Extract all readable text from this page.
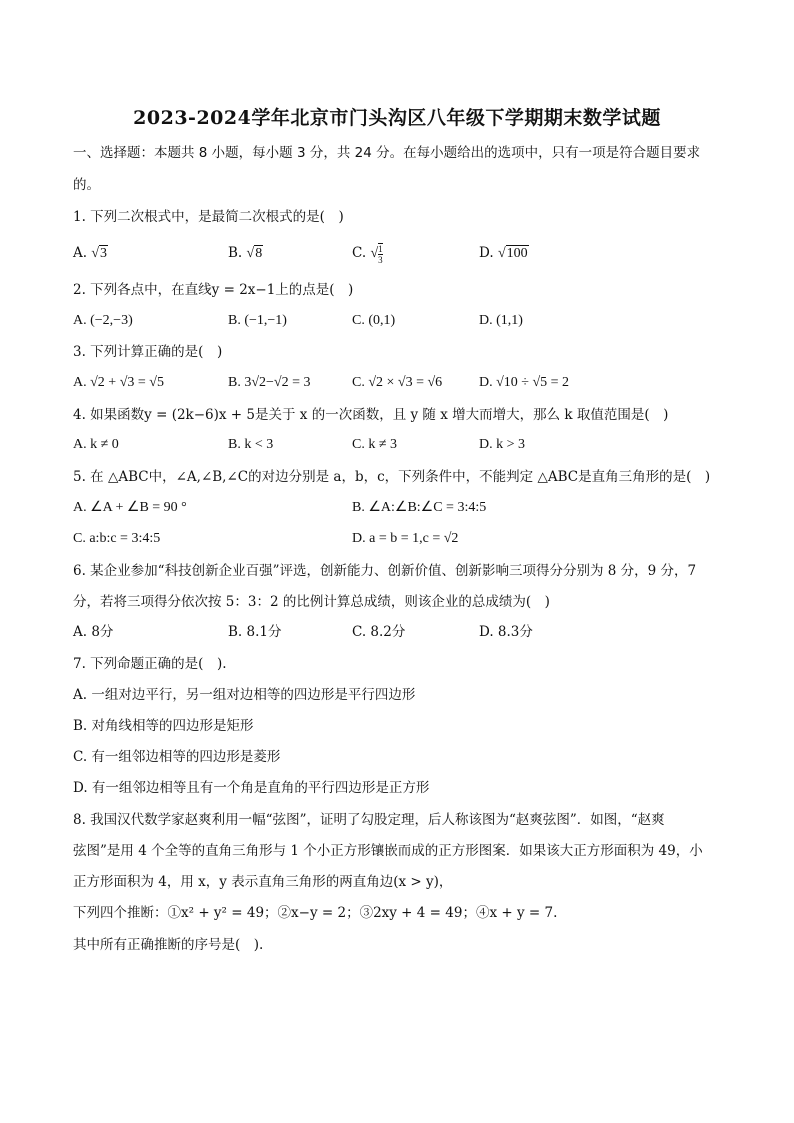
2023-2024学年北京市门头沟区八年级下学期期末数学试题
一、选择题：本题共 8 小题，每小题 3 分，共 24 分。在每小题给出的选项中，只有一项是符合题目要求
的。
1. 下列二次根式中，是最简二次根式的是(　)
A. √3	B. √8	C. √ $\frac{1}{3}$	D. √100
2. 下列各点中，在直线y = 2x−1上的点是(　)
A. (−2,−3)	B. (−1,−1)	C. (0,1)	D. (1,1)
3. 下列计算正确的是(　)
A. √2 + √3 = √5	B. 3√2−√2 = 3	C. √2 × √3 = √6	D. √10 ÷ √5 = 2
4. 如果函数y = (2k−6)x + 5是关于 x 的一次函数，且 y 随 x 增大而增大，那么 k 取值范围是(　)
A. k ≠ 0	B. k < 3	C. k ≠ 3	D. k > 3
5. 在 △ABC中，∠A,∠B,∠C的对边分别是 a，b，c，下列条件中，不能判定 △ABC是直角三角形的是(　)
A. ∠A + ∠B = 90 °	B. ∠A:∠B:∠C = 3:4:5
C. a:b:c = 3:4:5	D. a = b = 1,c = √2
6. 某企业参加“科技创新企业百强”评选，创新能力、创新价值、创新影响三项得分分别为 8 分，9 分，7
分，若将三项得分依次按 5：3：2 的比例计算总成绩，则该企业的总成绩为(　)
A. 8分	B. 8.1分	C. 8.2分	D. 8.3分
7. 下列命题正确的是(　).
A. 一组对边平行，另一组对边相等的四边形是平行四边形
B. 对角线相等的四边形是矩形
C. 有一组邻边相等的四边形是菱形
D. 有一组邻边相等且有一个角是直角的平行四边形是正方形
8. 我国汉代数学家赵爽利用一幅“弦图”，证明了勾股定理，后人称该图为“赵爽弦图”．如图，“赵爽
弦图”是用 4 个全等的直角三角形与 1 个小正方形镶嵌而成的正方形图案．如果该大正方形面积为 49，小
正方形面积为 4，用 x，y 表示直角三角形的两直角边(x > y)，
下列四个推断：①x² + y² = 49；②x−y = 2；③2xy + 4 = 49；④x + y = 7.
其中所有正确推断的序号是(　).
